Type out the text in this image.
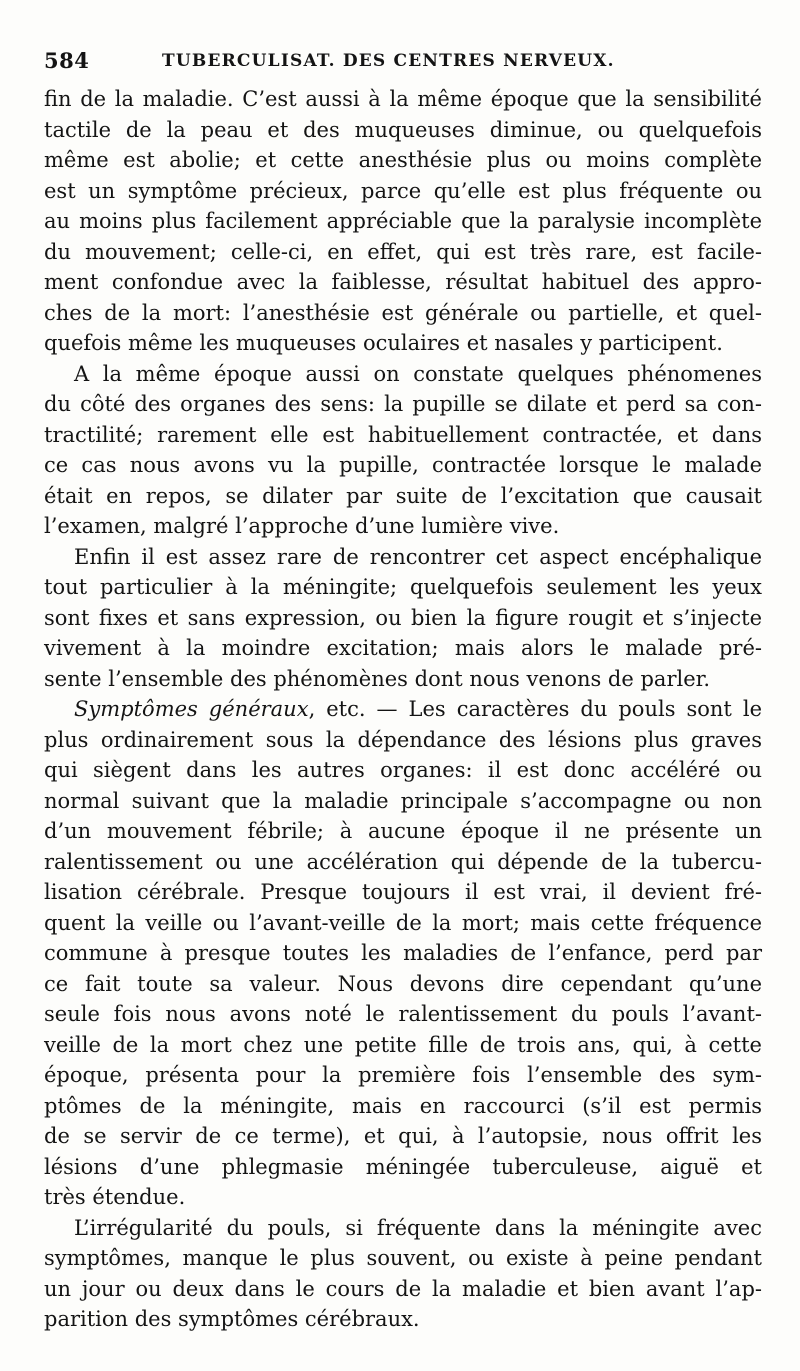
584	TUBERCULISAT. DES CENTRES NERVEUX.
fin de la maladie. C’est aussi à la même époque que la sensibilité
tactile de la peau et des muqueuses diminue, ou quelquefois
même est abolie; et cette anesthésie plus ou moins complète
est un symptôme précieux, parce qu’elle est plus fréquente ou
au moins plus facilement appréciable que la paralysie incomplète
du mouvement; celle-ci, en effet, qui est très rare, est facile-
ment confondue avec la faiblesse, résultat habituel des appro-
ches de la mort: l’anesthésie est générale ou partielle, et quel-
quefois même les muqueuses oculaires et nasales y participent.
A la même époque aussi on constate quelques phénomenes
du côté des organes des sens: la pupille se dilate et perd sa con-
tractilité; rarement elle est habituellement contractée, et dans
ce cas nous avons vu la pupille, contractée lorsque le malade
était en repos, se dilater par suite de l’excitation que causait
l’examen, malgré l’approche d’une lumière vive.
Enfin il est assez rare de rencontrer cet aspect encéphalique
tout particulier à la méningite; quelquefois seulement les yeux
sont fixes et sans expression, ou bien la figure rougit et s’injecte
vivement à la moindre excitation; mais alors le malade pré-
sente l’ensemble des phénomènes dont nous venons de parler.
Symptômes généraux, etc. — Les caractères du pouls sont le
plus ordinairement sous la dépendance des lésions plus graves
qui siègent dans les autres organes: il est donc accéléré ou
normal suivant que la maladie principale s’accompagne ou non
d’un mouvement fébrile; à aucune époque il ne présente un
ralentissement ou une accélération qui dépende de la tubercu-
lisation cérébrale. Presque toujours il est vrai, il devient fré-
quent la veille ou l’avant-veille de la mort; mais cette fréquence
commune à presque toutes les maladies de l’enfance, perd par
ce fait toute sa valeur. Nous devons dire cependant qu’une
seule fois nous avons noté le ralentissement du pouls l’avant-
veille de la mort chez une petite fille de trois ans, qui, à cette
époque, présenta pour la première fois l’ensemble des sym-
ptômes de la méningite, mais en raccourci (s’il est permis
de se servir de ce terme), et qui, à l’autopsie, nous offrit les
lésions d’une phlegmasie méningée tuberculeuse, aiguë et
très étendue.
L’irrégularité du pouls, si fréquente dans la méningite avec
symptômes, manque le plus souvent, ou existe à peine pendant
un jour ou deux dans le cours de la maladie et bien avant l’ap-
parition des symptômes cérébraux.
